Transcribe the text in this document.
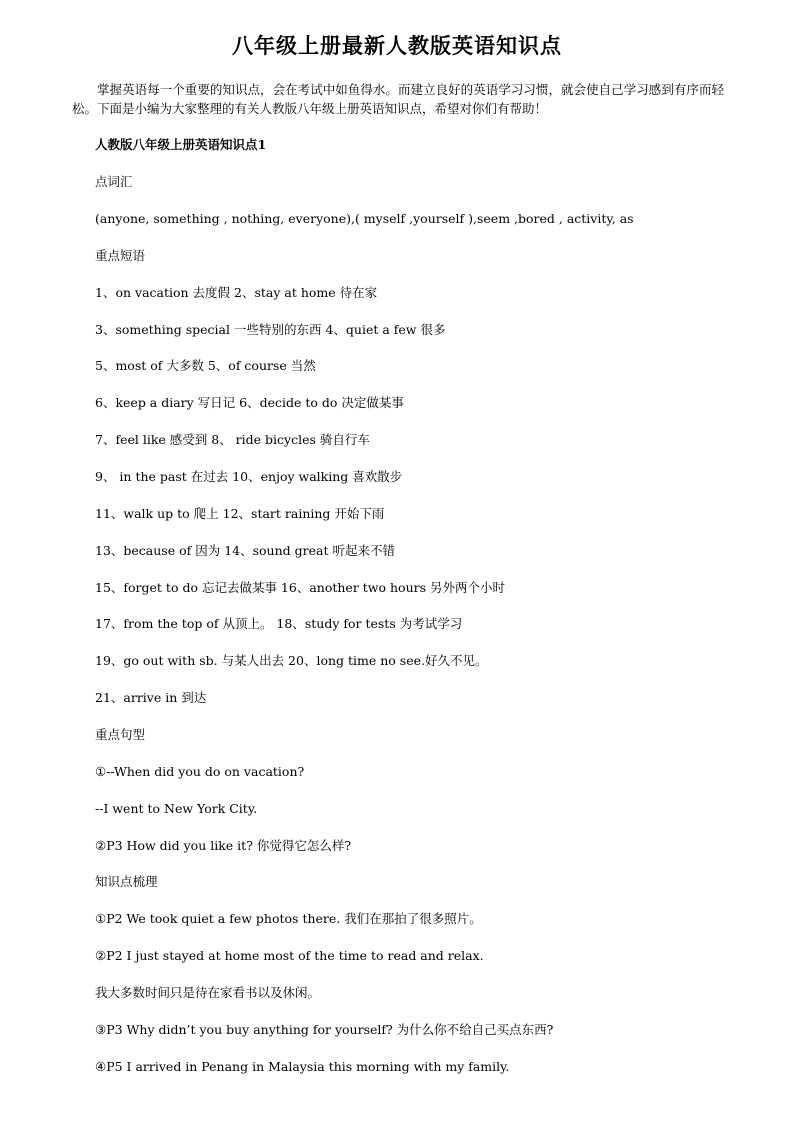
八年级上册最新人教版英语知识点
掌握英语每一个重要的知识点，会在考试中如鱼得水。而建立良好的英语学习习惯，就会使自己学习感到有序而轻松。下面是小编为大家整理的有关人教版八年级上册英语知识点，希望对你们有帮助！
人教版八年级上册英语知识点1
点词汇
(anyone, something , nothing, everyone),( myself ,yourself ),seem ,bored , activity, as
重点短语
1、on vacation 去度假 2、stay at home 待在家
3、something special 一些特别的东西 4、quiet a few 很多
5、most of 大多数 5、of course 当然
6、keep a diary 写日记 6、decide to do 决定做某事
7、feel like 感受到 8、 ride bicycles 骑自行车
9、 in the past 在过去 10、enjoy walking 喜欢散步
11、walk up to 爬上 12、start raining 开始下雨
13、because of 因为 14、sound great 听起来不错
15、forget to do 忘记去做某事 16、another two hours 另外两个小时
17、from the top of 从顶上。 18、study for tests 为考试学习
19、go out with sb. 与某人出去 20、long time no see.好久不见。
21、arrive in 到达
重点句型
①--When did you do on vacation?
--I went to New York City.
②P3 How did you like it? 你觉得它怎么样?
知识点梳理
①P2 We took quiet a few photos there. 我们在那拍了很多照片。
②P2 I just stayed at home most of the time to read and relax.
我大多数时间只是待在家看书以及休闲。
③P3 Why didn’t you buy anything for yourself? 为什么你不给自己买点东西?
④P5 I arrived in Penang in Malaysia this morning with my family.
